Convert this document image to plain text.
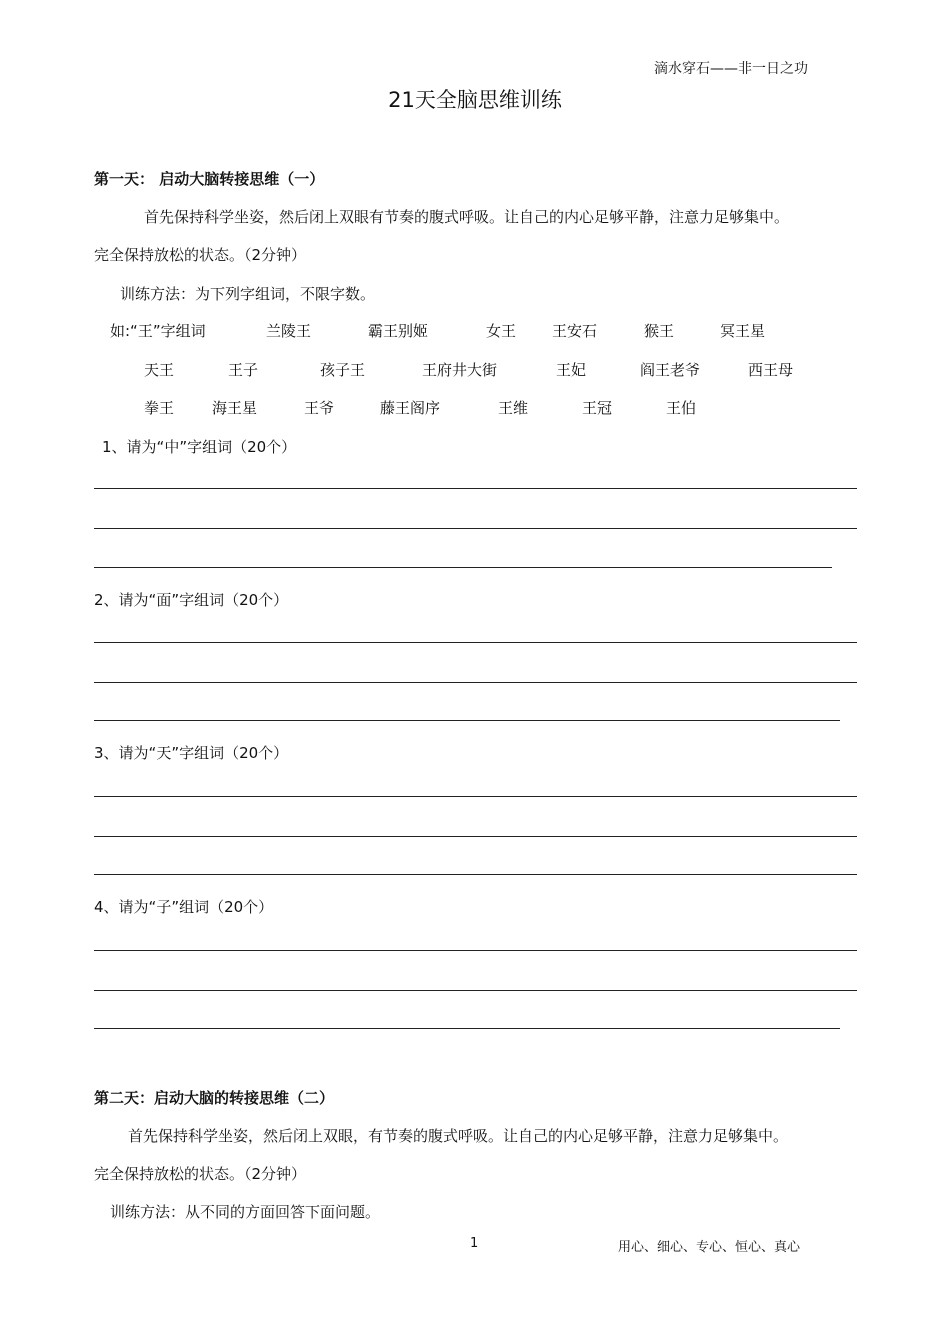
滴水穿石——非一日之功
21天全脑思维训练
第一天： 启动大脑转接思维（一）
首先保持科学坐姿，然后闭上双眼有节奏的腹式呼吸。让自己的内心足够平静，注意力足够集中。
完全保持放松的状态。（2分钟）
训练方法：为下列字组词，不限字数。
如:“王”字组词	兰陵王	霸王别姬	女王 王安石	猴王	冥王星
天王	王子	孩子王	王府井大街	王妃	阎王老爷	西王母
拳王	海王星	王爷	藤王阁序	王维	王冠	王伯
1、请为“中”字组词（20个）
2、请为“面”字组词（20个）
3、请为“天”字组词（20个）
4、请为“子”组词（20个）
第二天：启动大脑的转接思维（二）
首先保持科学坐姿，然后闭上双眼，有节奏的腹式呼吸。让自己的内心足够平静，注意力足够集中。
完全保持放松的状态。（2分钟）
训练方法：从不同的方面回答下面问题。
1	用心、细心、专心、恒心、真心
